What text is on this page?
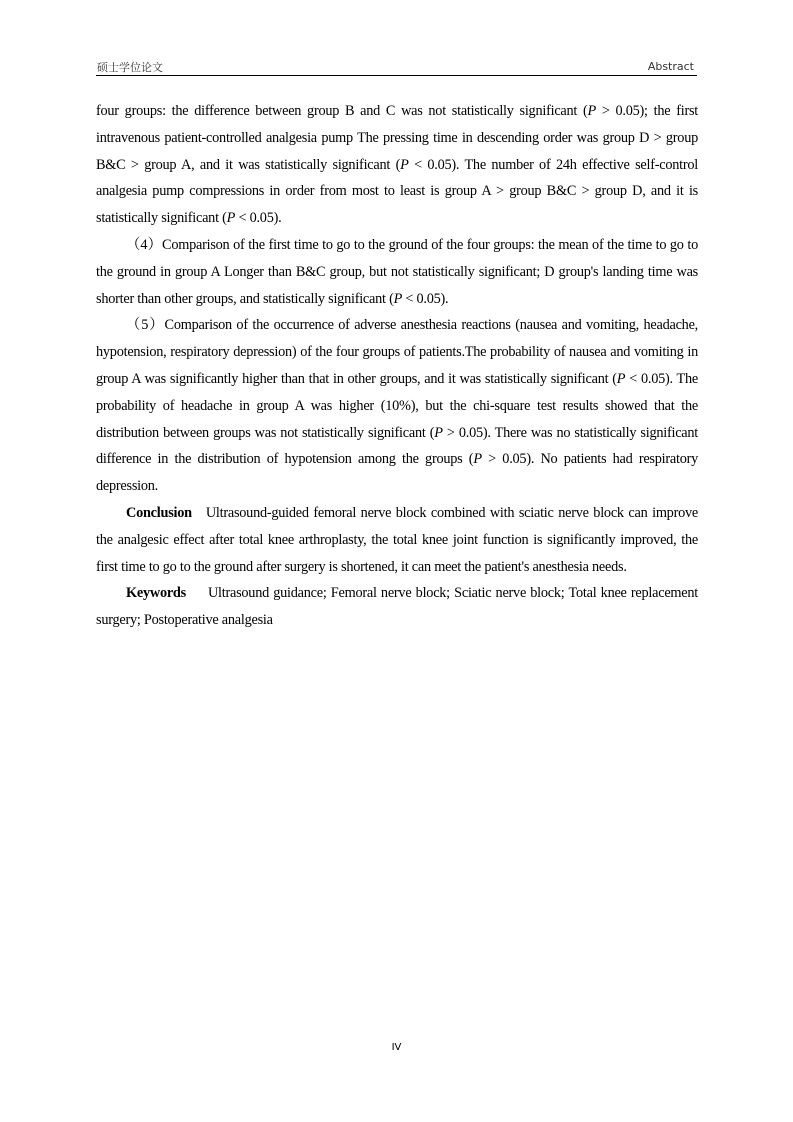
硕士学位论文	Abstract

four groups: the difference between group B and C was not statistically significant (P > 0.05); the first intravenous patient-controlled analgesia pump The pressing time in descending order was group D > group B&C > group A, and it was statistically significant (P < 0.05). The number of 24h effective self-control analgesia pump compressions in order from most to least is group A > group B&C > group D, and it is statistically significant (P < 0.05).

（4）Comparison of the first time to go to the ground of the four groups: the mean of the time to go to the ground in group A Longer than B&C group, but not statistically significant; D group's landing time was shorter than other groups, and statistically significant (P < 0.05).

（5）Comparison of the occurrence of adverse anesthesia reactions (nausea and vomiting, headache, hypotension, respiratory depression) of the four groups of patients.The probability of nausea and vomiting in group A was significantly higher than that in other groups, and it was statistically significant (P < 0.05). The probability of headache in group A was higher (10%), but the chi-square test results showed that the distribution between groups was not statistically significant (P > 0.05). There was no statistically significant difference in the distribution of hypotension among the groups (P > 0.05). No patients had respiratory depression.

Conclusion Ultrasound-guided femoral nerve block combined with sciatic nerve block can improve the analgesic effect after total knee arthroplasty, the total knee joint function is significantly improved, the first time to go to the ground after surgery is shortened, it can meet the patient's anesthesia needs.

Keywords Ultrasound guidance; Femoral nerve block; Sciatic nerve block; Total knee replacement surgery; Postoperative analgesia

IV
